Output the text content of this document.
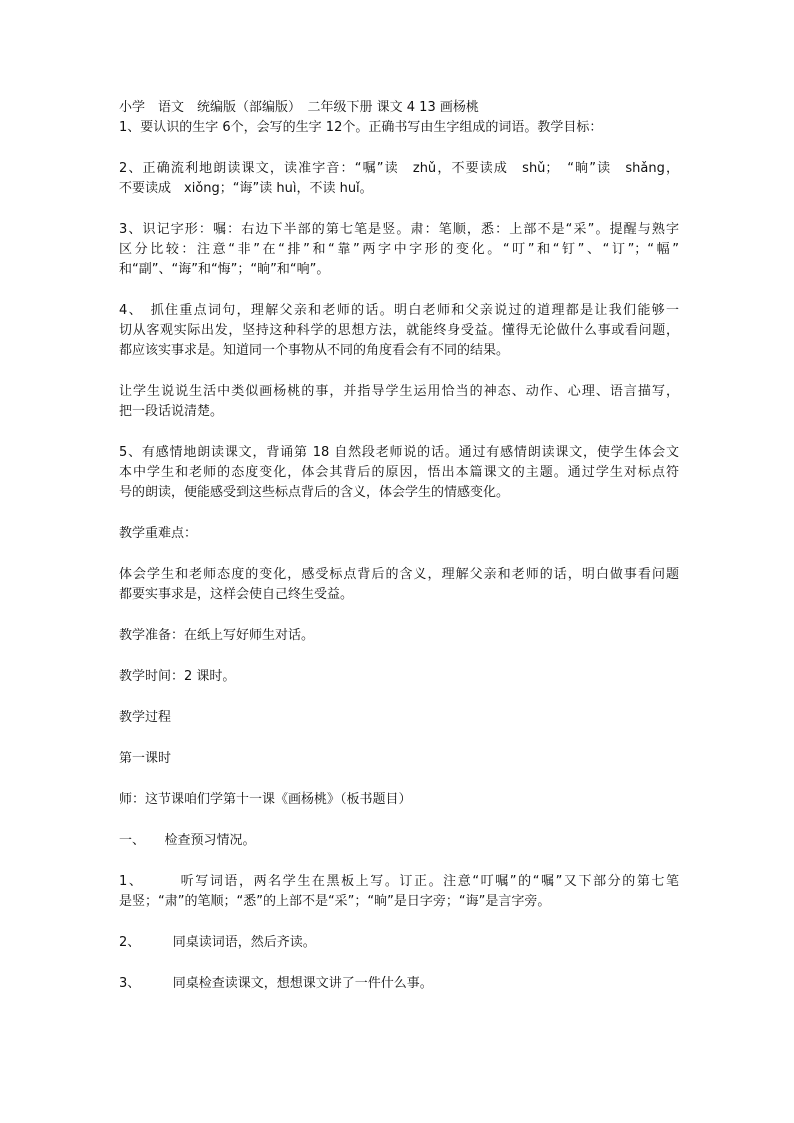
小学　语文　统编版（部编版）　二年级下册 课文 4 13 画杨桃
1、要认识的生字 6个，会写的生字 12个。正确书写由生字组成的词语。教学目标：
2、正确流利地朗读课文，读准字音：“嘱”读　zhǔ，不要读成　shǔ；　“晌”读　shǎng，
不要读成　xiǒng；“诲”读 huì，不读 huǐ。
3、识记字形：嘱：右边下半部的第七笔是竖。肃：笔顺，悉：上部不是“采”。提醒与熟字
区分比较：注意“非”在“排”和“靠”两字中字形的变化。“叮”和“钉”、“订”；“幅”
和“副”、“诲”和“悔”；“晌”和“响”。
4、　抓住重点词句，理解父亲和老师的话。明白老师和父亲说过的道理都是让我们能够一
切从客观实际出发，坚持这种科学的思想方法，就能终身受益。懂得无论做什么事或看问题，
都应该实事求是。知道同一个事物从不同的角度看会有不同的结果。
让学生说说生活中类似画杨桃的事，并指导学生运用恰当的神态、动作、心理、语言描写，
把一段话说清楚。
5、有感情地朗读课文，背诵第 18 自然段老师说的话。通过有感情朗读课文，使学生体会文
本中学生和老师的态度变化，体会其背后的原因，悟出本篇课文的主题。通过学生对标点符
号的朗读，便能感受到这些标点背后的含义，体会学生的情感变化。
教学重难点：
体会学生和老师态度的变化，感受标点背后的含义，理解父亲和老师的话，明白做事看问题
都要实事求是，这样会使自己终生受益。
教学准备：在纸上写好师生对话。
教学时间：2 课时。
教学过程
第一课时
师：这节课咱们学第十一课《画杨桃》（板书题目）
一、　　检查预习情况。
1、　　　听写词语，两名学生在黑板上写。订正。注意“叮嘱”的“嘱”又下部分的第七笔
是竖；“肃”的笔顺；“悉”的上部不是“采”；“晌”是日字旁；“诲”是言字旁。
2、　　　同桌读词语，然后齐读。
3、　　　同桌检查读课文，想想课文讲了一件什么事。
